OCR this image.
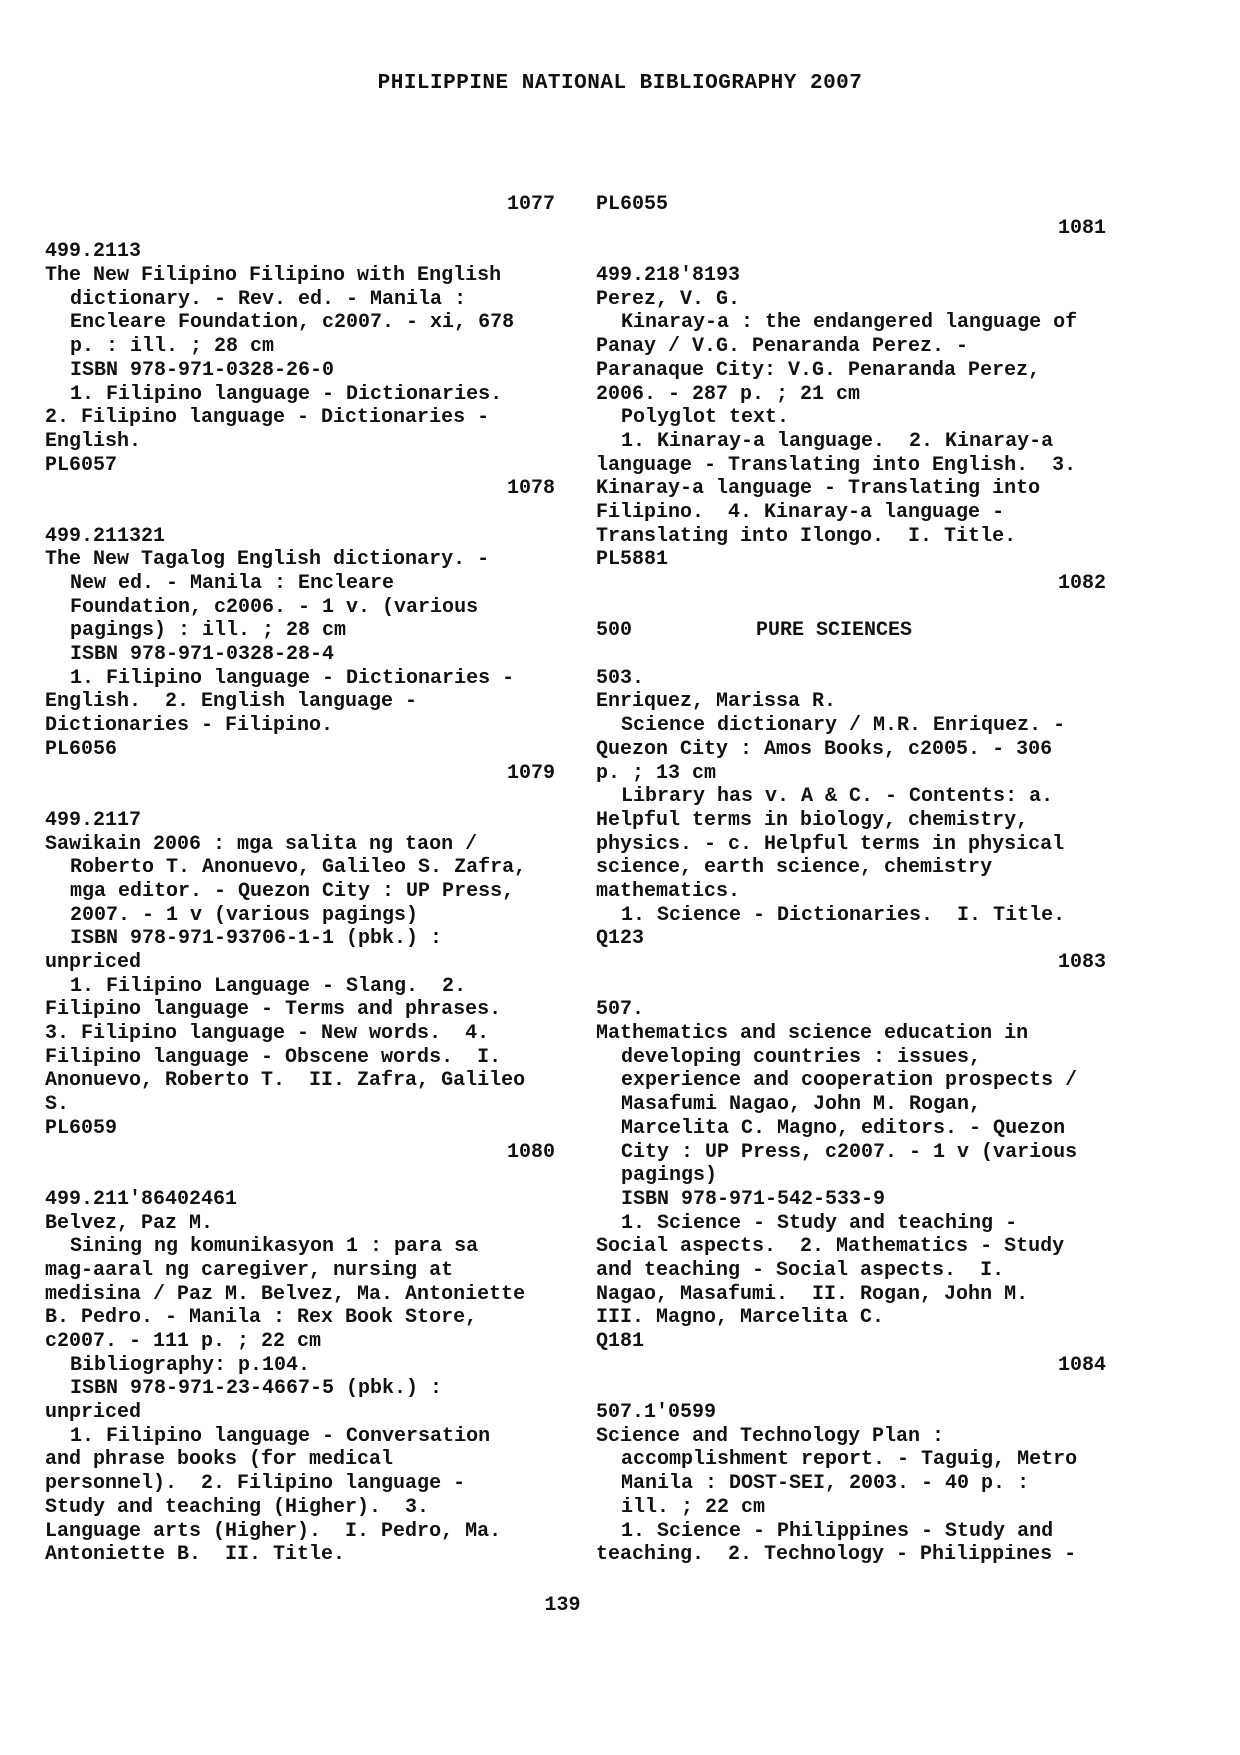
PHILIPPINE NATIONAL BIBLIOGRAPHY 2007
1077
499.2113
The New Filipino Filipino with English
dictionary. - Rev. ed. - Manila :
Encleare Foundation, c2007. - xi, 678
p. : ill. ; 28 cm
ISBN 978-971-0328-26-0
1. Filipino language - Dictionaries.
2. Filipino language - Dictionaries -
English.
PL6057
1078
499.211321
The New Tagalog English dictionary. -
New ed. - Manila : Encleare
Foundation, c2006. - 1 v. (various
pagings) : ill. ; 28 cm
ISBN 978-971-0328-28-4
1. Filipino language - Dictionaries -
English.  2. English language -
Dictionaries - Filipino.
PL6056
1079
499.2117
Sawikain 2006 : mga salita ng taon /
Roberto T. Anonuevo, Galileo S. Zafra,
mga editor. - Quezon City : UP Press,
2007. - 1 v (various pagings)
ISBN 978-971-93706-1-1 (pbk.) :
unpriced
1. Filipino Language - Slang.  2.
Filipino language - Terms and phrases.
3. Filipino language - New words.  4.
Filipino language - Obscene words.  I.
Anonuevo, Roberto T.  II. Zafra, Galileo
S.
PL6059
1080
499.211'86402461
Belvez, Paz M.
Sining ng komunikasyon 1 : para sa
mag-aaral ng caregiver, nursing at
medisina / Paz M. Belvez, Ma. Antoniette
B. Pedro. - Manila : Rex Book Store,
c2007. - 111 p. ; 22 cm
Bibliography: p.104.
ISBN 978-971-23-4667-5 (pbk.) :
unpriced
1. Filipino language - Conversation
and phrase books (for medical
personnel).  2. Filipino language -
Study and teaching (Higher).  3.
Language arts (Higher).  I. Pedro, Ma.
Antoniette B.  II. Title.
PL6055
1081
499.218'8193
Perez, V. G.
Kinaray-a : the endangered language of
Panay / V.G. Penaranda Perez. -
Paranaque City: V.G. Penaranda Perez,
2006. - 287 p. ; 21 cm
Polyglot text.
1. Kinaray-a language.  2. Kinaray-a
language - Translating into English.  3.
Kinaray-a language - Translating into
Filipino.  4. Kinaray-a language -
Translating into Ilongo.  I. Title.
PL5881
1082
500	PURE SCIENCES
503.
Enriquez, Marissa R.
Science dictionary / M.R. Enriquez. -
Quezon City : Amos Books, c2005. - 306
p. ; 13 cm
Library has v. A & C. - Contents: a.
Helpful terms in biology, chemistry,
physics. - c. Helpful terms in physical
science, earth science, chemistry
mathematics.
1. Science - Dictionaries.  I. Title.
Q123
1083
507.
Mathematics and science education in
developing countries : issues,
experience and cooperation prospects /
Masafumi Nagao, John M. Rogan,
Marcelita C. Magno, editors. - Quezon
City : UP Press, c2007. - 1 v (various
pagings)
ISBN 978-971-542-533-9
1. Science - Study and teaching -
Social aspects.  2. Mathematics - Study
and teaching - Social aspects.  I.
Nagao, Masafumi.  II. Rogan, John M.
III. Magno, Marcelita C.
Q181
1084
507.1'0599
Science and Technology Plan :
accomplishment report. - Taguig, Metro
Manila : DOST-SEI, 2003. - 40 p. :
ill. ; 22 cm
1. Science - Philippines - Study and
teaching.  2. Technology - Philippines -
139
